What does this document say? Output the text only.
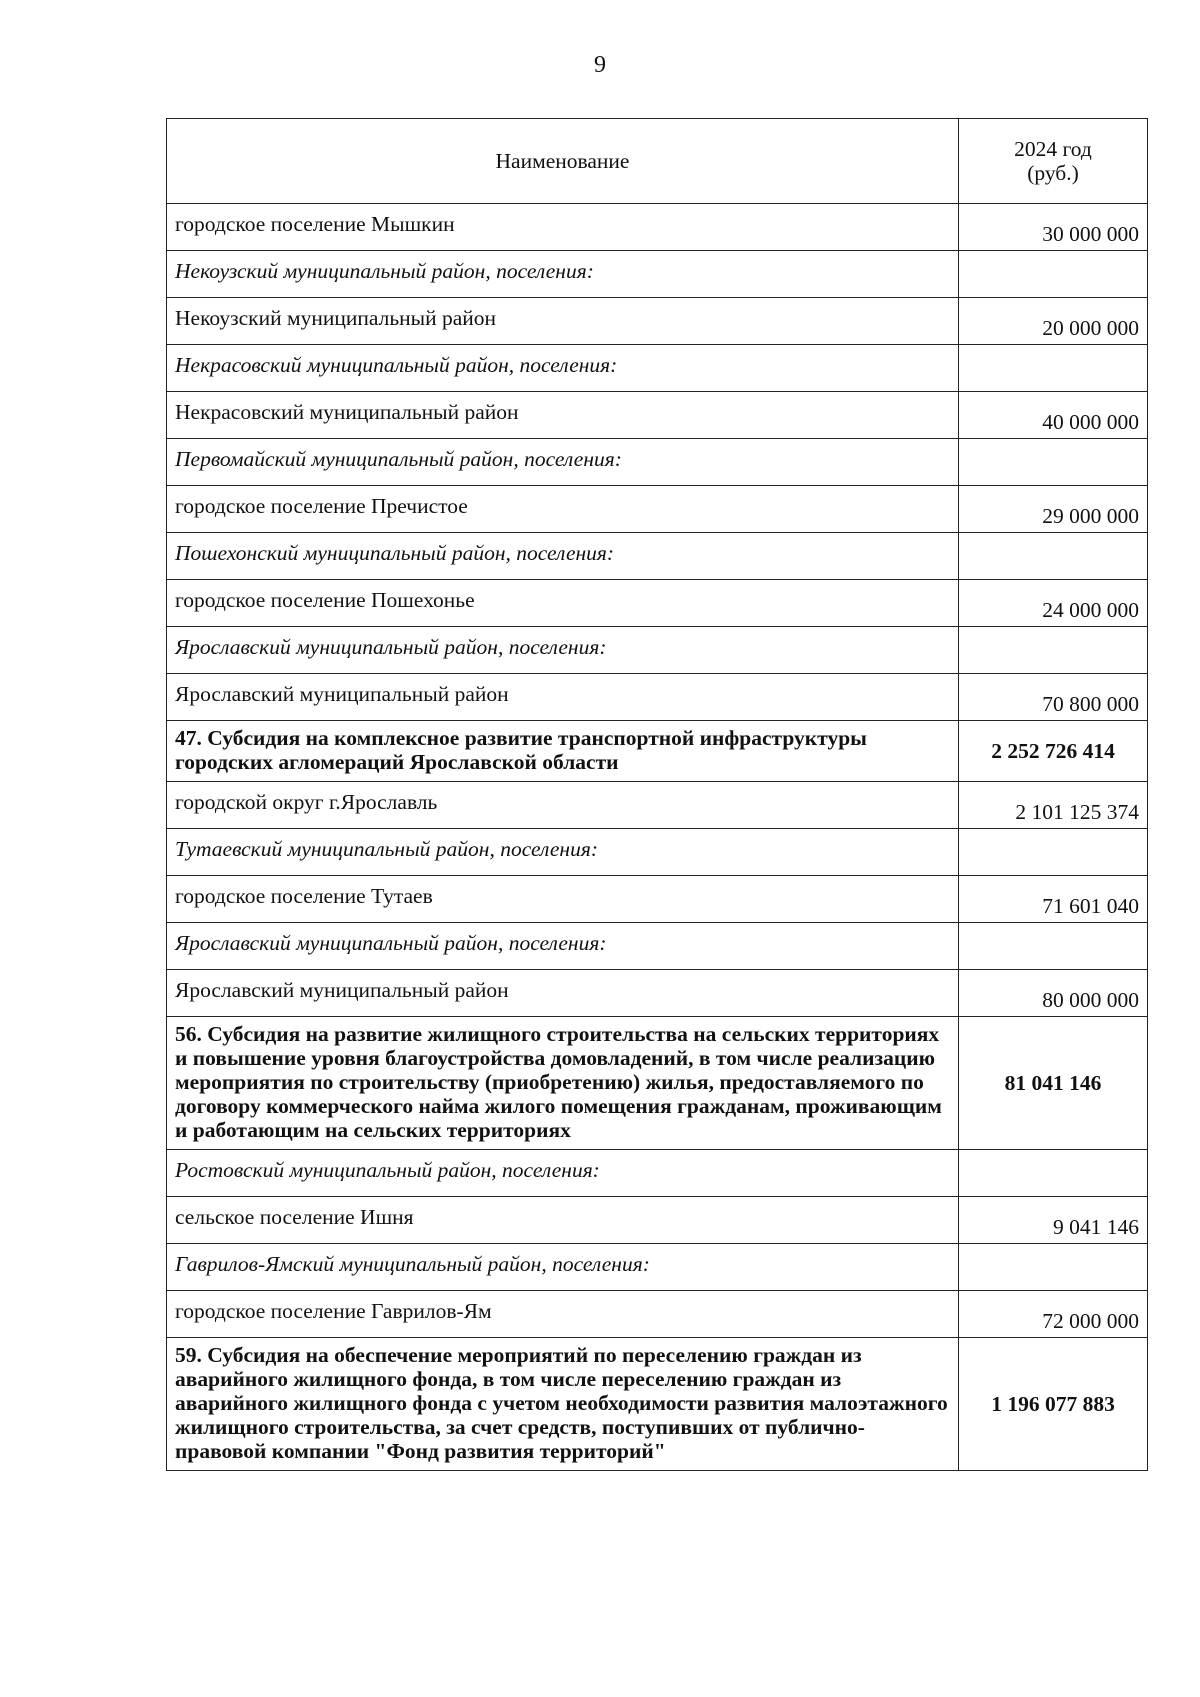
9
Наименование	2024 год
(руб.)

городское поселение Мышкин	30 000 000
Некоузский муниципальный район, поселения:	
Некоузский муниципальный район	20 000 000
Некрасовский муниципальный район, поселения:	
Некрасовский муниципальный район	40 000 000
Первомайский муниципальный район, поселения:	
городское поселение Пречистое	29 000 000
Пошехонский муниципальный район, поселения:	
городское поселение Пошехонье	24 000 000
Ярославский муниципальный район, поселения:	
Ярославский муниципальный район	70 800 000
47. Субсидия на комплексное развитие транспортной инфраструктуры городских агломераций Ярославской области	2 252 726 414
городской округ г.Ярославль	2 101 125 374
Тутаевский муниципальный район, поселения:	
городское поселение Тутаев	71 601 040
Ярославский муниципальный район, поселения:	
Ярославский муниципальный район	80 000 000
56. Субсидия на развитие жилищного строительства на сельских территориях и повышение уровня благоустройства домовладений, в том числе реализацию мероприятия по строительству (приобретению) жилья, предоставляемого по договору коммерческого найма жилого помещения гражданам, проживающим и работающим на сельских территориях	81 041 146
Ростовский муниципальный район, поселения:	
сельское поселение Ишня	9 041 146
Гаврилов-Ямский муниципальный район, поселения:	
городское поселение Гаврилов-Ям	72 000 000
59. Субсидия на обеспечение мероприятий по переселению граждан из аварийного жилищного фонда, в том числе переселению граждан из аварийного жилищного фонда с учетом необходимости развития малоэтажного жилищного строительства, за счет средств, поступивших от публично-правовой компании "Фонд развития территорий"	1 196 077 883
